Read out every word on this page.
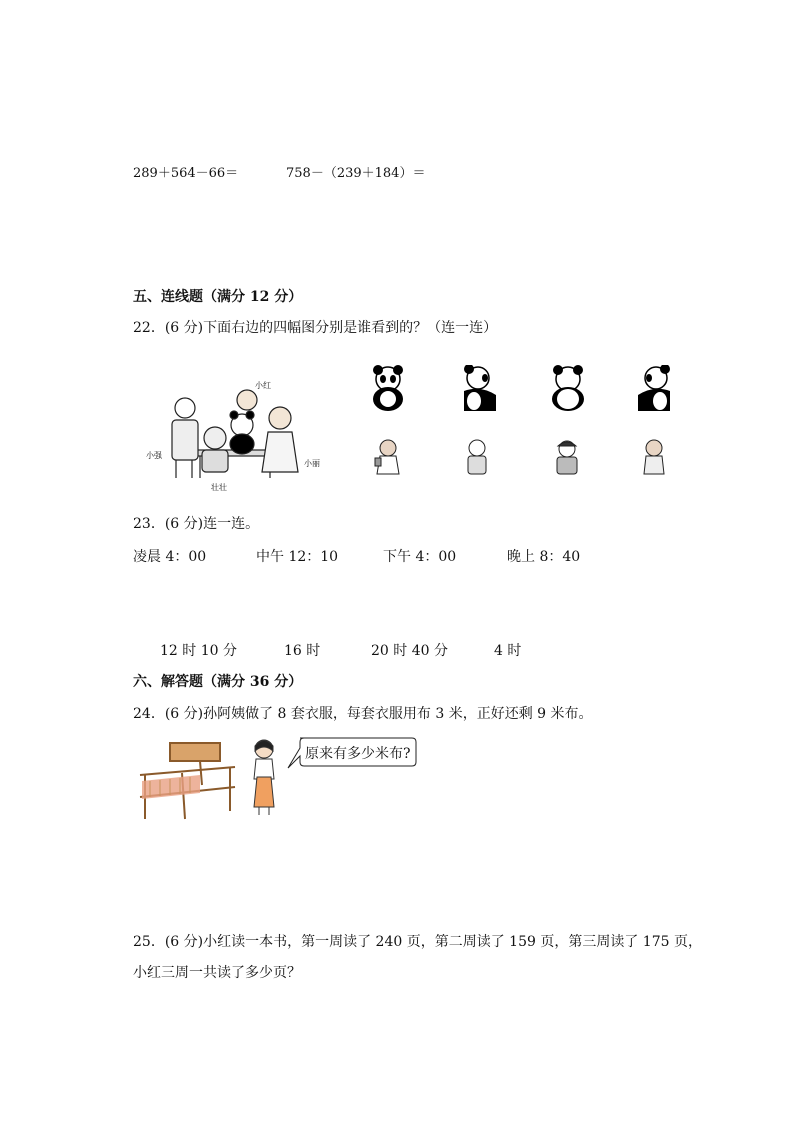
289＋564－66＝	758－（239＋184）＝
五、连线题（满分 12 分）
22．(6 分)下面右边的四幅图分别是谁看到的？（连一连）
小红
小强
小丽
壮壮
23．(6 分)连一连。
凌晨 4：00	中午 12：10	下午 4：00	晚上 8：40
12 时 10 分	16 时	20 时 40 分	4 时
六、解答题（满分 36 分）
24．(6 分)孙阿姨做了 8 套衣服，每套衣服用布 3 米，正好还剩 9 米布。
原来有多少米布?
25．(6 分)小红读一本书，第一周读了 240 页，第二周读了 159 页，第三周读了 175 页，
小红三周一共读了多少页？
